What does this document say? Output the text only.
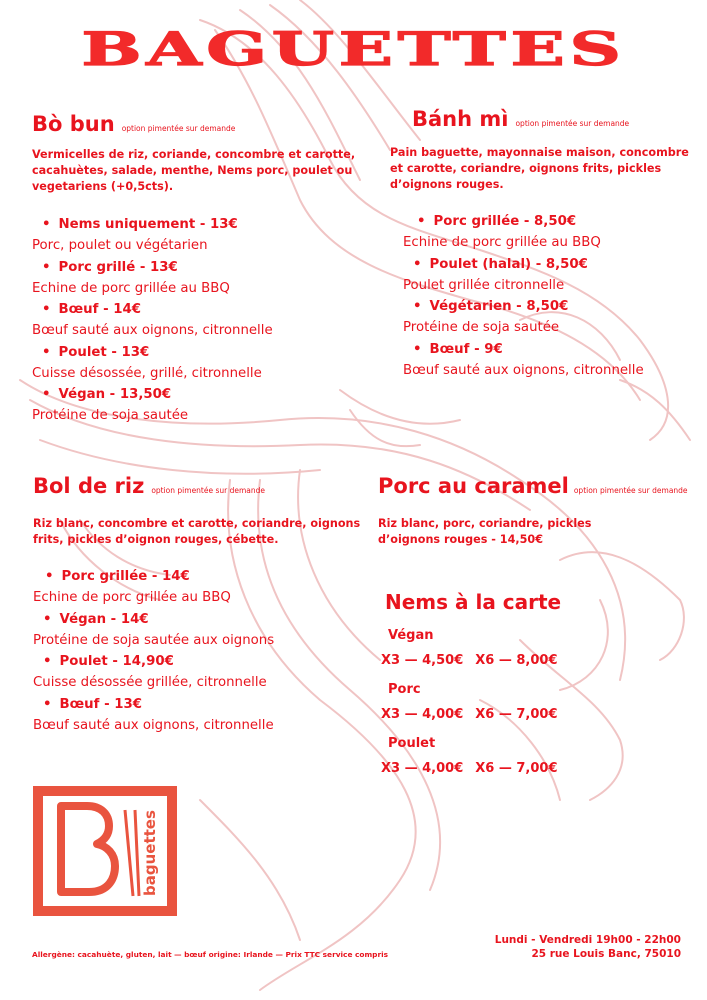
BAGUETTES
Bò bun option pimentée sur demande
Vermicelles de riz, coriande, concombre et carotte, cacahuètes, salade, menthe, Nems porc, poulet ou vegetariens (+0,5cts).
• Nems uniquement - 13€
Porc, poulet ou végétarien
• Porc grillé - 13€
Echine de porc grillée au BBQ
• Bœuf - 14€
Bœuf sauté aux oignons, citronnelle
• Poulet - 13€
Cuisse désossée, grillé, citronnelle
• Végan - 13,50€
Protéine de soja sautée
Bánh mì option pimentée sur demande
Pain baguette, mayonnaise maison, concombre et carotte, coriandre, oignons frits, pickles d’oignons rouges.
• Porc grillée - 8,50€
Echine de porc grillée au BBQ
• Poulet (halal) - 8,50€
Poulet grillée citronnelle
• Végétarien - 8,50€
Protéine de soja sautée
• Bœuf - 9€
Bœuf sauté aux oignons, citronnelle
Bol de riz option pimentée sur demande
Riz blanc, concombre et carotte, coriandre, oignons frits, pickles d’oignon rouges, cébette.
• Porc grillée - 14€
Echine de porc grillée au BBQ
• Végan - 14€
Protéine de soja sautée aux oignons
• Poulet - 14,90€
Cuisse désossée grillée, citronnelle
• Bœuf - 13€
Bœuf sauté aux oignons, citronnelle
Porc au caramel option pimentée sur demande
Riz blanc, porc, coriandre, pickles d’oignons rouges - 14,50€
Nems à la carte
Végan
X3 — 4,50€ X6 — 8,00€
Porc
X3 — 4,00€ X6 — 7,00€
Poulet
X3 — 4,00€ X6 — 7,00€
baguettes
Allergène: cacahuète, gluten, lait — bœuf origine: Irlande — Prix TTC service compris
Lundi - Vendredi 19h00 - 22h00
25 rue Louis Banc, 75010
